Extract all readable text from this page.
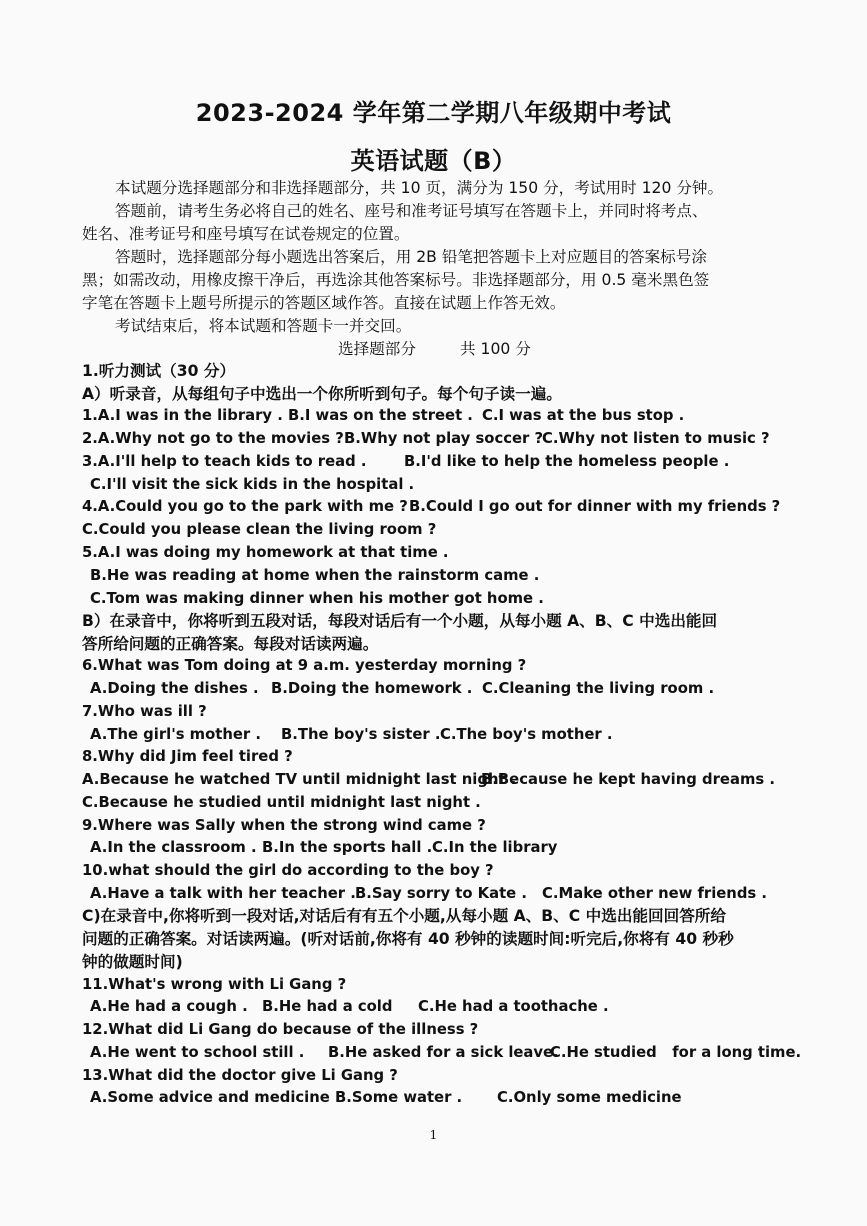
2023-2024 学年第二学期八年级期中考试
英语试题（B）
本试题分选择题部分和非选择题部分，共 10 页，满分为 150 分，考试用时 120 分钟。
答题前，请考生务必将自己的姓名、座号和准考证号填写在答题卡上，并同时将考点、
姓名、准考证号和座号填写在试卷规定的位置。
答题时，选择题部分每小题选出答案后，用 2B 铅笔把答题卡上对应题目的答案标号涂
黑；如需改动，用橡皮擦干净后，再选涂其他答案标号。非选择题部分，用 0.5 毫米黑色签
字笔在答题卡上题号所提示的答题区域作答。直接在试题上作答无效。
考试结束后，将本试题和答题卡一并交回。
选择题部分	共 100 分
1.听力测试（30 分）
A）听录音，从每组句子中选出一个你所听到句子。每个句子读一遍。
1.A.I was in the library . B.I was on the street . C.I was at the bus stop .
2.A.Why not go to the movies ? B.Why not play soccer ?
C.Why not listen to music ?
3.A.I'll help to teach kids to read .	B.I'd like to help the homeless people .
C.I'll visit the sick kids in the hospital .
4.A.Could you go to the park with me ? B.Could I go out for dinner with my friends ?
C.Could you please clean the living room ?
5.A.I was doing my homework at that time .
B.He was reading at home when the rainstorm came .
C.Tom was making dinner when his mother got home .
B）在录音中，你将听到五段对话，每段对话后有一个小题，从每小题 A、B、C 中选出能回
答所给问题的正确答案。每段对话读两遍。
6.What was Tom doing at 9 a.m. yesterday morning ?
A.Doing the dishes . B.Doing the homework . C.Cleaning the living room .
7.Who was ill ?
A.The girl's mother . B.The boy's sister . C.The boy's mother .
8.Why did Jim feel tired ?
A.Because he watched TV until midnight last night .
B.Because he kept having dreams .
C.Because he studied until midnight last night .
9.Where was Sally when the strong wind came ?
A.In the classroom . B.In the sports hall . C.In the library
10.what should the girl do according to the boy ?
A.Have a talk with her teacher . B.Say sorry to Kate . C.Make other new friends .
C)在录音中,你将听到一段对话,对话后有有五个小题,从每小题 A、B、C 中选出能回回答所给
问题的正确答案。对话读两遍。(听对话前,你将有 40 秒钟的读题时间:听完后,你将有 40 秒秒
钟的做题时间)
11.What's wrong with Li Gang ?
A.He had a cough . B.He had a cold C.He had a toothache .
12.What did Li Gang do because of the illness ?
A.He went to school still . B.He asked for a sick leave.
C.He studied   for a long time.
13.What did the doctor give Li Gang ?
A.Some advice and medicine .
B.Some water . C.Only some medicine
1
